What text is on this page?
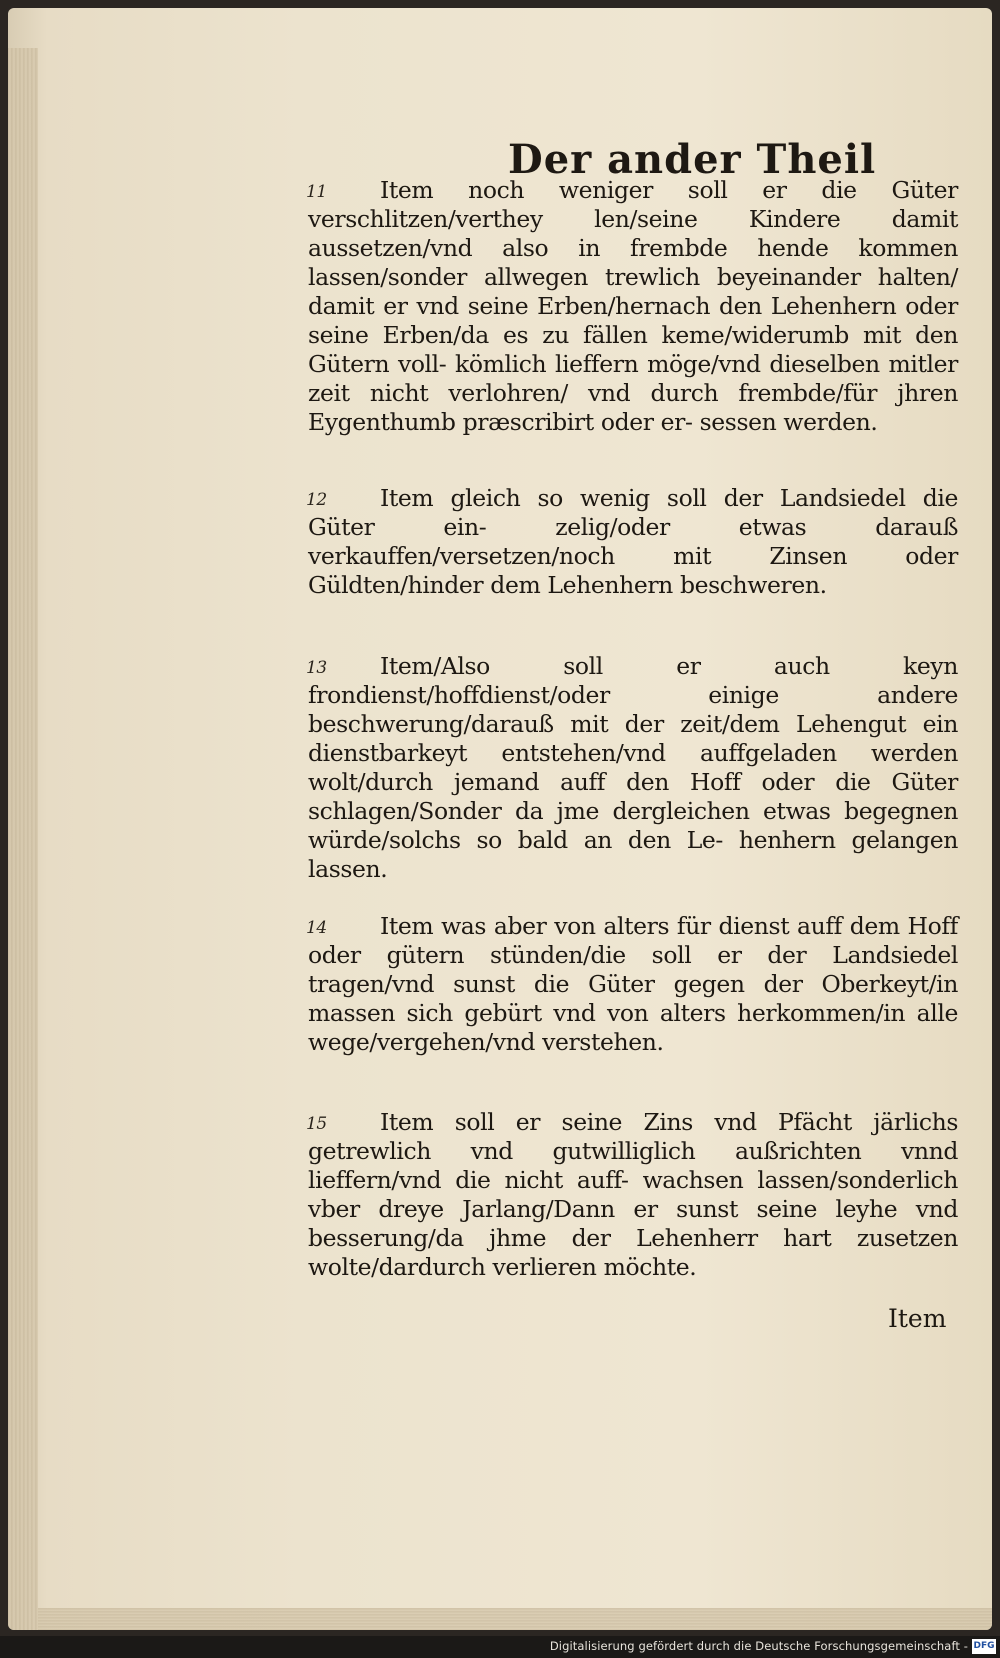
Der ander Theil
11 Item noch weniger soll er die Güter verschlitzen/verthey len/seine Kindere damit aussetzen/vnd also in frembde hende kommen lassen/sonder allwegen trewlich beyeinander halten/ damit er vnd seine Erben/hernach den Lehenhern oder seine Erben/da es zu fällen keme/widerumb mit den Gütern voll- kömlich lieffern möge/vnd dieselben mitler zeit nicht verlohren/ vnd durch frembde/für jhren Eygenthumb præscribirt oder er- sessen werden.
12 Item gleich so wenig soll der Landsiedel die Güter ein- zelig/oder etwas darauß verkauffen/versetzen/noch mit Zinsen oder Güldten/hinder dem Lehenhern beschweren.
13 Item/Also soll er auch keyn frondienst/hoffdienst/oder einige andere beschwerung/darauß mit der zeit/dem Lehengut ein dienstbarkeyt entstehen/vnd auffgeladen werden wolt/durch jemand auff den Hoff oder die Güter schlagen/Sonder da jme dergleichen etwas begegnen würde/solchs so bald an den Le- henhern gelangen lassen.
14 Item was aber von alters für dienst auff dem Hoff oder gütern stünden/die soll er der Landsiedel tragen/vnd sunst die Güter gegen der Oberkeyt/in massen sich gebürt vnd von alters herkommen/in alle wege/vergehen/vnd verstehen.
15 Item soll er seine Zins vnd Pfächt järlichs getrewlich vnd gutwilliglich außrichten vnnd lieffern/vnd die nicht auff- wachsen lassen/sonderlich vber dreye Jarlang/Dann er sunst seine leyhe vnd besserung/da jhme der Lehenherr hart zusetzen wolte/dardurch verlieren möchte.
Item
Digitalisierung gefördert durch die Deutsche Forschungsgemeinschaft - DFG
